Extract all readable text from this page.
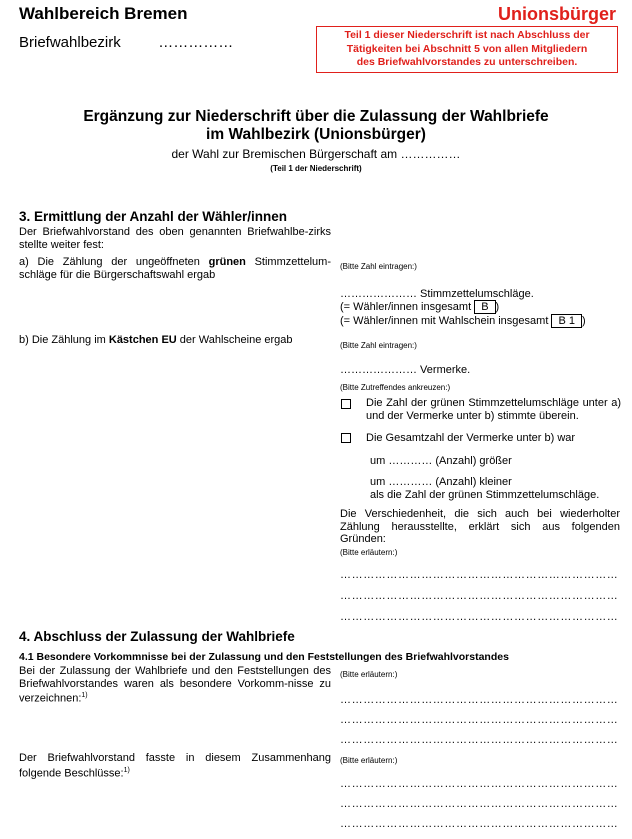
Wahlbereich Bremen
Briefwahlbezirk	……………
Unionsbürger
Teil 1 dieser Niederschrift ist nach Abschluss der
Tätigkeiten bei Abschnitt 5 von allen Mitgliedern
des Briefwahlvorstandes zu unterschreiben.
Ergänzung zur Niederschrift über die Zulassung der Wahlbriefe
im Wahlbezirk (Unionsbürger)
der Wahl zur Bremischen Bürgerschaft am ……………
(Teil 1 der Niederschrift)
3. Ermittlung der Anzahl der Wähler/innen
Der Briefwahlvorstand des oben genannten Briefwahlbe-zirks stellte weiter fest:
a) Die Zählung der ungeöffneten grünen Stimmzettelum-schläge für die Bürgerschaftswahl ergab
(Bitte Zahl eintragen:)
………………… Stimmzettelumschläge.
(= Wähler/innen insgesamt B )
(= Wähler/innen mit Wahlschein insgesamt B 1 )
b) Die Zählung im Kästchen EU der Wahlscheine ergab	(Bitte Zahl eintragen:)
………………… Vermerke.
(Bitte Zutreffendes ankreuzen:)
Die Zahl der grünen Stimmzettelumschläge unter a) und der Vermerke unter b) stimmte überein.
Die Gesamtzahl der Vermerke unter b) war
um ………… (Anzahl) größer
um ………… (Anzahl) kleiner
als die Zahl der grünen Stimmzettelumschläge.
Die Verschiedenheit, die sich auch bei wiederholter Zählung herausstellte, erklärt sich aus folgenden Gründen:
(Bitte erläutern:)
………………………………………………………………
………………………………………………………………
………………………………………………………………
4. Abschluss der Zulassung der Wahlbriefe
4.1 Besondere Vorkommnisse bei der Zulassung und den Feststellungen des Briefwahlvorstandes
Bei der Zulassung der Wahlbriefe und den Feststellungen des Briefwahlvorstandes waren als besondere Vorkomm-nisse zu verzeichnen:$^{1)}$
(Bitte erläutern:)
………………………………………………………………
………………………………………………………………
………………………………………………………………
Der Briefwahlvorstand fasste in diesem Zusammenhang folgende Beschlüsse:$^{1)}$
(Bitte erläutern:)
………………………………………………………………
………………………………………………………………
………………………………………………………………
